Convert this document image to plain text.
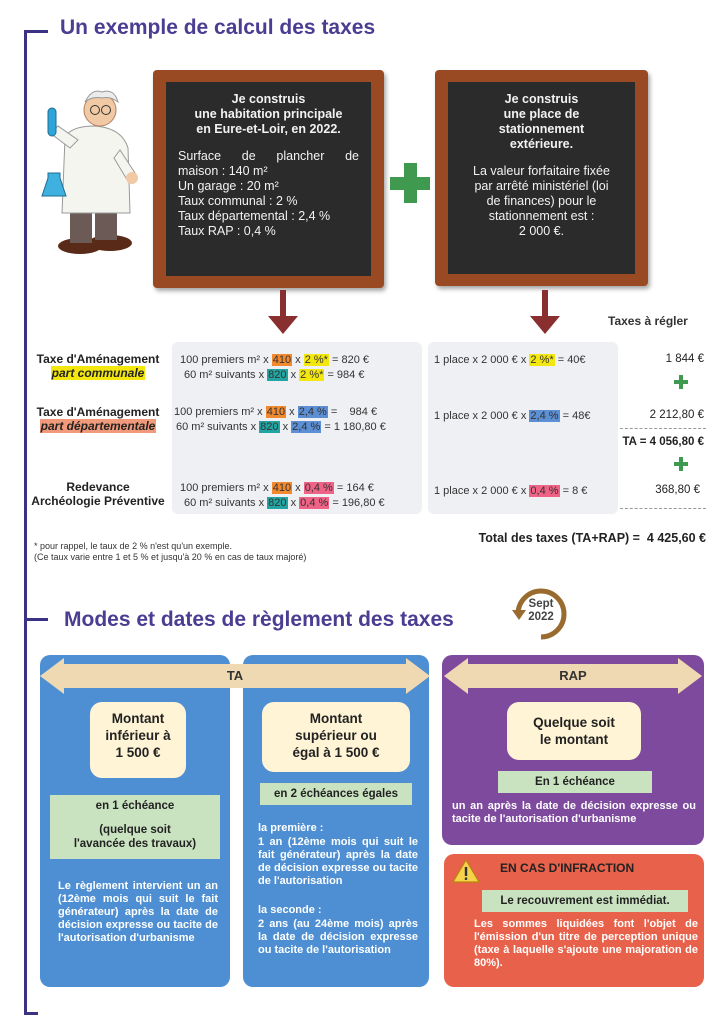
Un exemple de calcul des taxes
Je construis
une habitation principale
en Eure-et-Loir, en 2022.
Surface de plancher de
maison : 140 m²
Un garage : 20 m²
Taux communal : 2 %
Taux départemental : 2,4 %
Taux RAP : 0,4 %
Je construis
une place de
stationnement
extérieure.
La valeur forfaitaire fixée
par arrêté ministériel (loi
de finances) pour le
stationnement est :
2 000 €.
Taxes à régler
Taxe d'Aménagement
part communale
100 premiers m² x 410 x 2 %* = 820 €
60 m² suivants x 820 x 2 %* = 984 €
1 place x 2 000 € x 2 %* = 40€	1 844 €
Taxe d'Aménagement
part départementale
100 premiers m² x 410 x 2,4 % =    984 €
60 m² suivants x 820 x 2,4 % = 1 180,80 €
1 place x 2 000 € x 2,4 % = 48€	2 212,80 €
TA = 4 056,80 €
Redevance
Archéologie Préventive
100 premiers m² x 410 x 0,4 % = 164 €
60 m² suivants x 820 x 0,4 % = 196,80 €
1 place x 2 000 € x 0,4 % = 8 €	368,80 €
* pour rappel, le taux de 2 % n'est qu'un exemple.
(Ce taux varie entre 1 et 5 % et jusqu'à 20 % en cas de taux majoré)
Total des taxes (TA+RAP) =  4 425,60 €
Modes et dates de règlement des taxes
Sept
2022
TA	RAP
Montant
inférieur à
1 500 €
en 1 échéance
(quelque soit
l'avancée des travaux)
Le règlement intervient un an (12ème mois qui suit le fait générateur) après la date de décision expresse ou tacite de l'autorisation d'urbanisme
Montant
supérieur ou
égal à 1 500 €
en 2 échéances égales
la première :
1 an (12ème mois qui suit le fait générateur) après la date de décision expresse ou tacite de l'autorisation
la seconde :
2 ans (au 24ème mois) après la date de décision expresse ou tacite de l'autorisation
Quelque soit
le montant
En 1 échéance
un an après la date de décision expresse ou tacite de l'autorisation d'urbanisme
EN CAS D'INFRACTION
Le recouvrement est immédiat.
Les sommes liquidées font l'objet de l'émission d'un titre de perception unique (taxe à laquelle s'ajoute une majoration de 80%).
